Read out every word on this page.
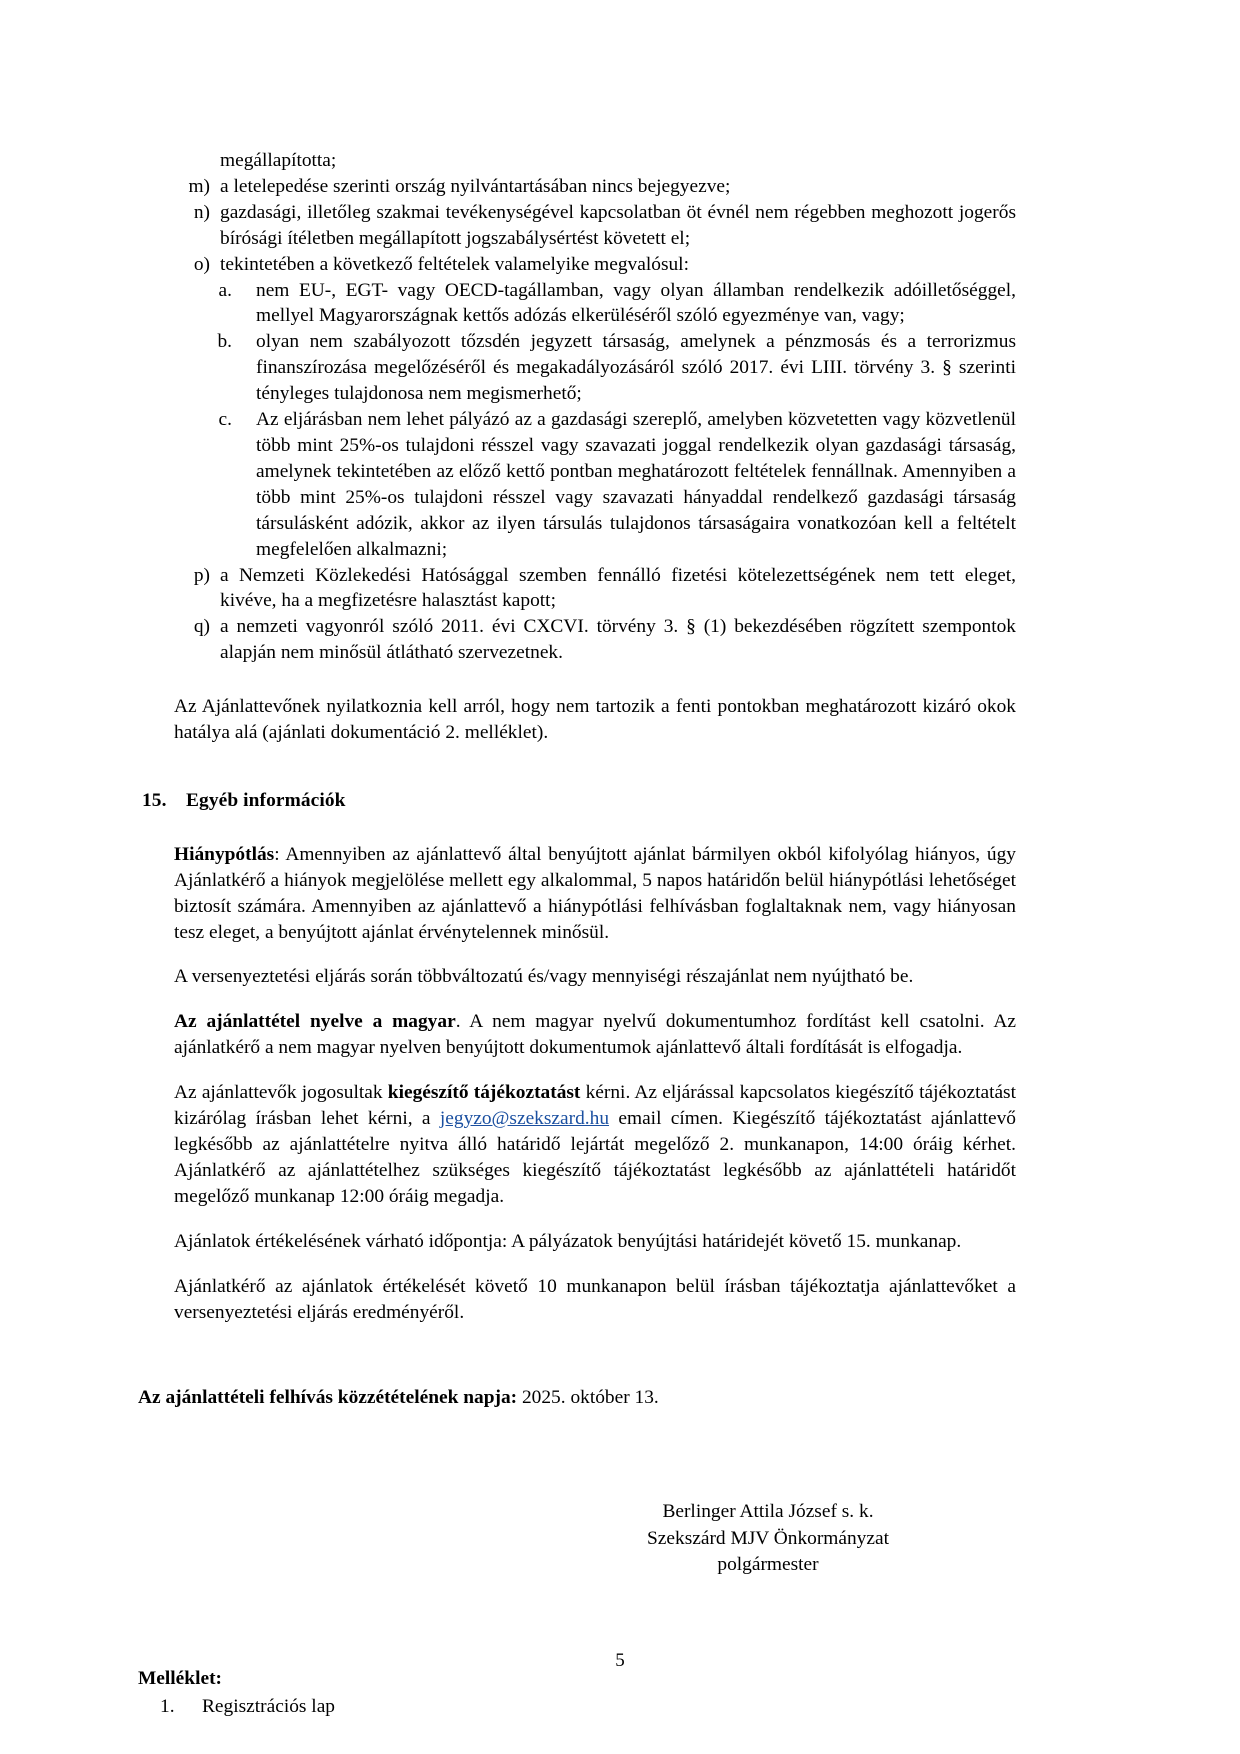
megállapította;

m) a letelepedése szerinti ország nyilvántartásában nincs bejegyezve;
n) gazdasági, illetőleg szakmai tevékenységével kapcsolatban öt évnél nem régebben meghozott jogerős bírósági ítéletben megállapított jogszabálysértést követett el;
o) tekintetében a következő feltételek valamelyike megvalósul:
a. nem EU-, EGT- vagy OECD-tagállamban, vagy olyan államban rendelkezik adóilletőséggel, mellyel Magyarországnak kettős adózás elkerüléséről szóló egyezménye van, vagy;
b. olyan nem szabályozott tőzsdén jegyzett társaság, amelynek a pénzmosás és a terrorizmus finanszírozása megelőzéséről és megakadályozásáról szóló 2017. évi LIII. törvény 3. § szerinti tényleges tulajdonosa nem megismerhető;
c. Az eljárásban nem lehet pályázó az a gazdasági szereplő, amelyben közvetetten vagy közvetlenül több mint 25%-os tulajdoni résszel vagy szavazati joggal rendelkezik olyan gazdasági társaság, amelynek tekintetében az előző kettő pontban meghatározott feltételek fennállnak. Amennyiben a több mint 25%-os tulajdoni résszel vagy szavazati hányaddal rendelkező gazdasági társaság társulásként adózik, akkor az ilyen társulás tulajdonos társaságaira vonatkozóan kell a feltételt megfelelően alkalmazni;
p) a Nemzeti Közlekedési Hatósággal szemben fennálló fizetési kötelezettségének nem tett eleget, kivéve, ha a megfizetésre halasztást kapott;
q) a nemzeti vagyonról szóló 2011. évi CXCVI. törvény 3. § (1) bekezdésében rögzített szempontok alapján nem minősül átlátható szervezetnek.

Az Ajánlattevőnek nyilatkoznia kell arról, hogy nem tartozik a fenti pontokban meghatározott kizáró okok hatálya alá (ajánlati dokumentáció 2. melléklet).

15. Egyéb információk

Hiánypótlás: Amennyiben az ajánlattevő által benyújtott ajánlat bármilyen okból kifolyólag hiányos, úgy Ajánlatkérő a hiányok megjelölése mellett egy alkalommal, 5 napos határidőn belül hiánypótlási lehetőséget biztosít számára. Amennyiben az ajánlattevő a hiánypótlási felhívásban foglaltaknak nem, vagy hiányosan tesz eleget, a benyújtott ajánlat érvénytelennek minősül.

A versenyeztetési eljárás során többváltozatú és/vagy mennyiségi részajánlat nem nyújtható be.

Az ajánlattétel nyelve a magyar. A nem magyar nyelvű dokumentumhoz fordítást kell csatolni. Az ajánlatkérő a nem magyar nyelven benyújtott dokumentumok ajánlattevő általi fordítását is elfogadja.

Az ajánlattevők jogosultak kiegészítő tájékoztatást kérni. Az eljárással kapcsolatos kiegészítő tájékoztatást kizárólag írásban lehet kérni, a jegyzo@szekszard.hu email címen. Kiegészítő tájékoztatást ajánlattevő legkésőbb az ajánlattételre nyitva álló határidő lejártát megelőző 2. munkanapon, 14:00 óráig kérhet. Ajánlatkérő az ajánlattételhez szükséges kiegészítő tájékoztatást legkésőbb az ajánlattételi határidőt megelőző munkanap 12:00 óráig megadja.

Ajánlatok értékelésének várható időpontja: A pályázatok benyújtási határidejét követő 15. munkanap.

Ajánlatkérő az ajánlatok értékelését követő 10 munkanapon belül írásban tájékoztatja ajánlattevőket a versenyeztetési eljárás eredményéről.

Az ajánlattételi felhívás közzétételének napja: 2025. október 13.

Berlinger Attila József s. k.
Szekszárd MJV Önkormányzat
polgármester

Melléklet:

1. Regisztrációs lap
5
